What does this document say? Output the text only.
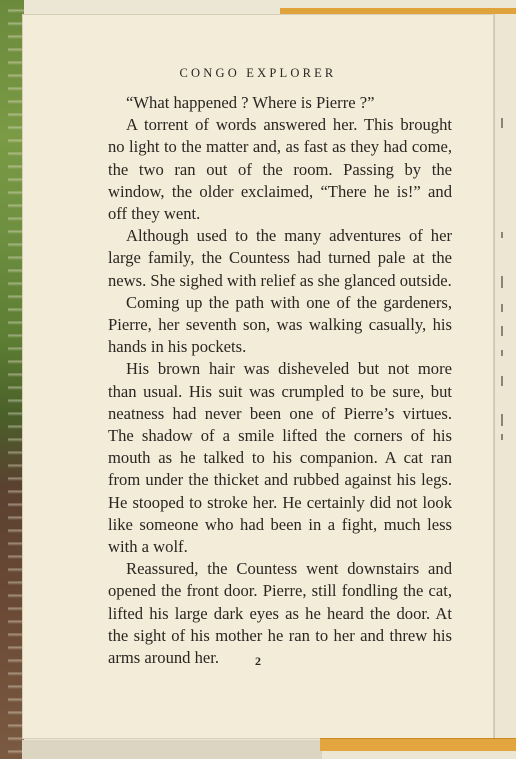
CONGO EXPLORER

“What happened ? Where is Pierre ?”

A torrent of words answered her. This brought no light to the matter and, as fast as they had come, the two ran out of the room. Passing by the window, the older exclaimed, “There he is!” and off they went.

Although used to the many adventures of her large family, the Countess had turned pale at the news. She sighed with relief as she glanced outside.

Coming up the path with one of the gardeners, Pierre, her seventh son, was walking casually, his hands in his pockets.

His brown hair was disheveled but not more than usual. His suit was crumpled to be sure, but neatness had never been one of Pierre’s virtues. The shadow of a smile lifted the corners of his mouth as he talked to his companion. A cat ran from under the thicket and rubbed against his legs. He stooped to stroke her. He certainly did not look like someone who had been in a fight, much less with a wolf.

Reassured, the Countess went downstairs and opened the front door. Pierre, still fondling the cat, lifted his large dark eyes as he heard the door. At the sight of his mother he ran to her and threw his arms around her.	2
